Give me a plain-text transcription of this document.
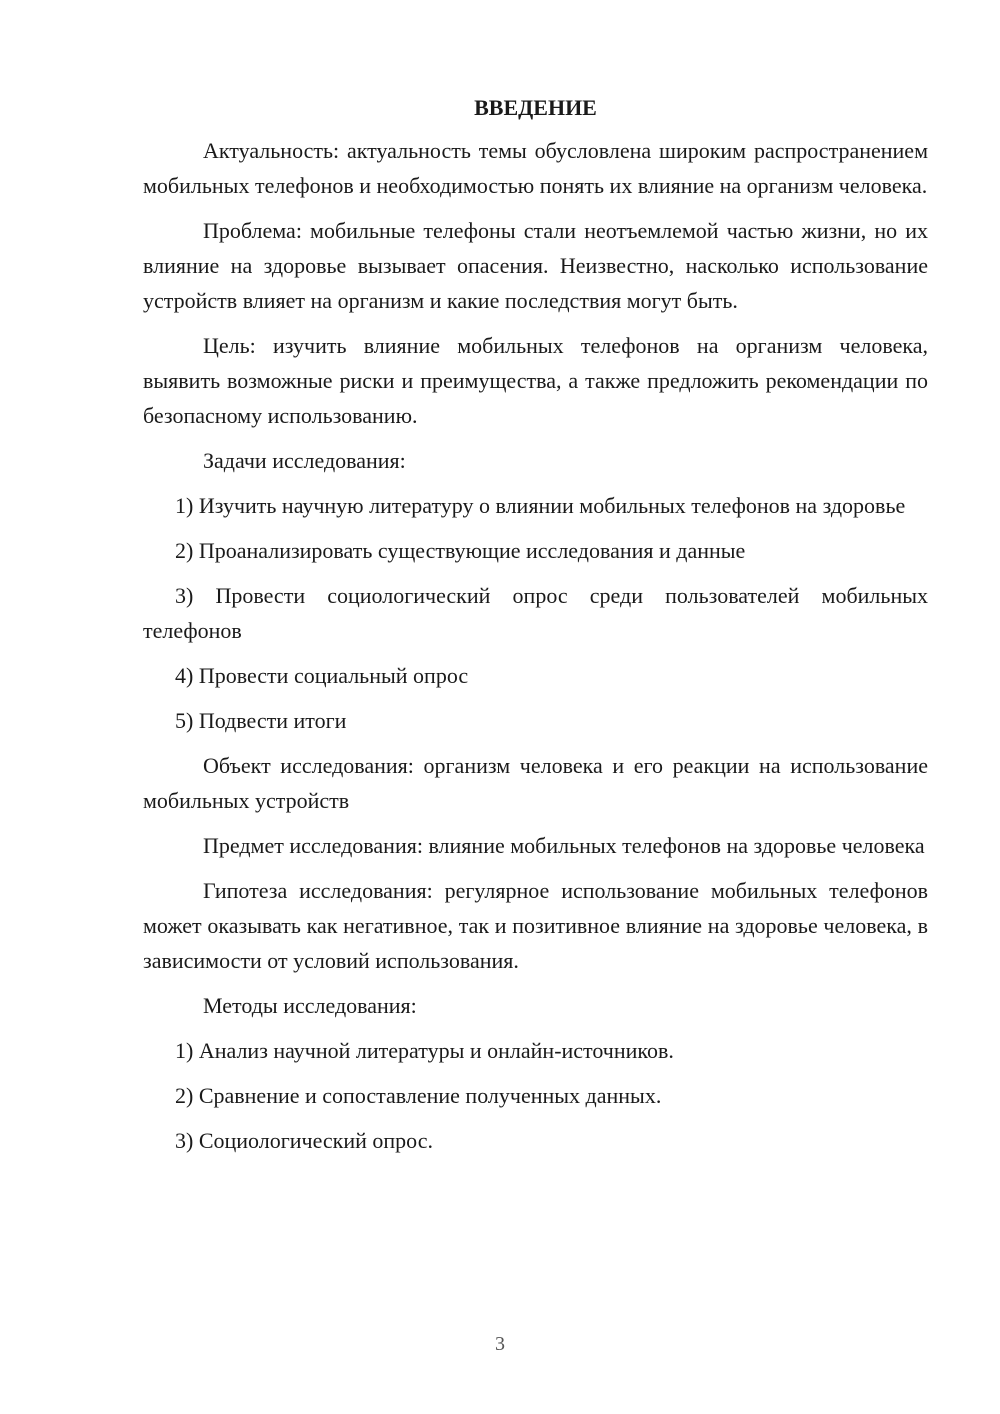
ВВЕДЕНИЕ

Актуальность: актуальность темы обусловлена широким распространением мобильных телефонов и необходимостью понять их влияние на организм человека.

Проблема: мобильные телефоны стали неотъемлемой частью жизни, но их влияние на здоровье вызывает опасения. Неизвестно, насколько использование устройств влияет на организм и какие последствия могут быть.

Цель: изучить влияние мобильных телефонов на организм человека, выявить возможные риски и преимущества, а также предложить рекомендации по безопасному использованию.

Задачи исследования:

1) Изучить научную литературу о влиянии мобильных телефонов на здоровье

2) Проанализировать существующие исследования и данные

3) Провести социологический опрос среди пользователей мобильных телефонов

4) Провести социальный опрос

5) Подвести итоги

Объект исследования: организм человека и его реакции на использование мобильных устройств

Предмет исследования: влияние мобильных телефонов на здоровье человека

Гипотеза исследования: регулярное использование мобильных телефонов может оказывать как негативное, так и позитивное влияние на здоровье человека, в зависимости от условий использования.

Методы исследования:

1) Анализ научной литературы и онлайн-источников.

2) Сравнение и сопоставление полученных данных.

3) Социологический опрос.

3
